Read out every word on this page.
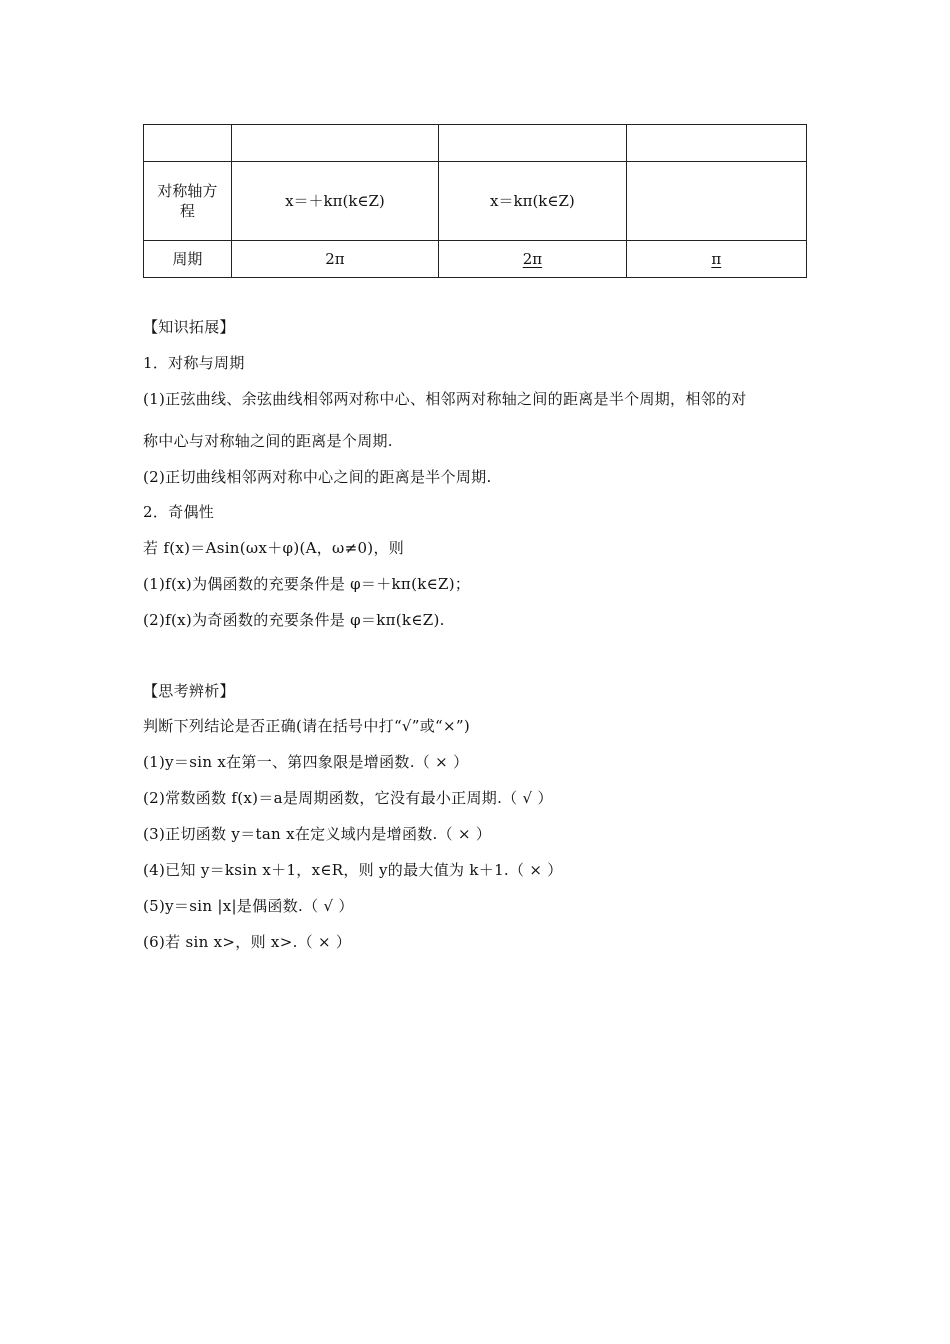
对称轴方
程	x＝＋kπ(k∈Z)	x＝kπ(k∈Z)	
周期	2π	2π	π
【知识拓展】
1．对称与周期
(1)正弦曲线、余弦曲线相邻两对称中心、相邻两对称轴之间的距离是半个周期，相邻的对
称中心与对称轴之间的距离是个周期.
(2)正切曲线相邻两对称中心之间的距离是半个周期.
2．奇偶性
若 f(x)＝Asin(ωx＋φ)(A，ω≠0)，则
(1)f(x)为偶函数的充要条件是 φ＝＋kπ(k∈Z)；
(2)f(x)为奇函数的充要条件是 φ＝kπ(k∈Z).
【思考辨析】
判断下列结论是否正确(请在括号中打“√”或“×”)
(1)y＝sin x在第一、第四象限是增函数.（ × ）
(2)常数函数 f(x)＝a是周期函数，它没有最小正周期.（ √ ）
(3)正切函数 y＝tan x在定义域内是增函数.（ × ）
(4)已知 y＝ksin x＋1，x∈R，则 y的最大值为 k＋1.（ × ）
(5)y＝sin |x|是偶函数.（ √ ）
(6)若 sin x>，则 x>.（ × ）
